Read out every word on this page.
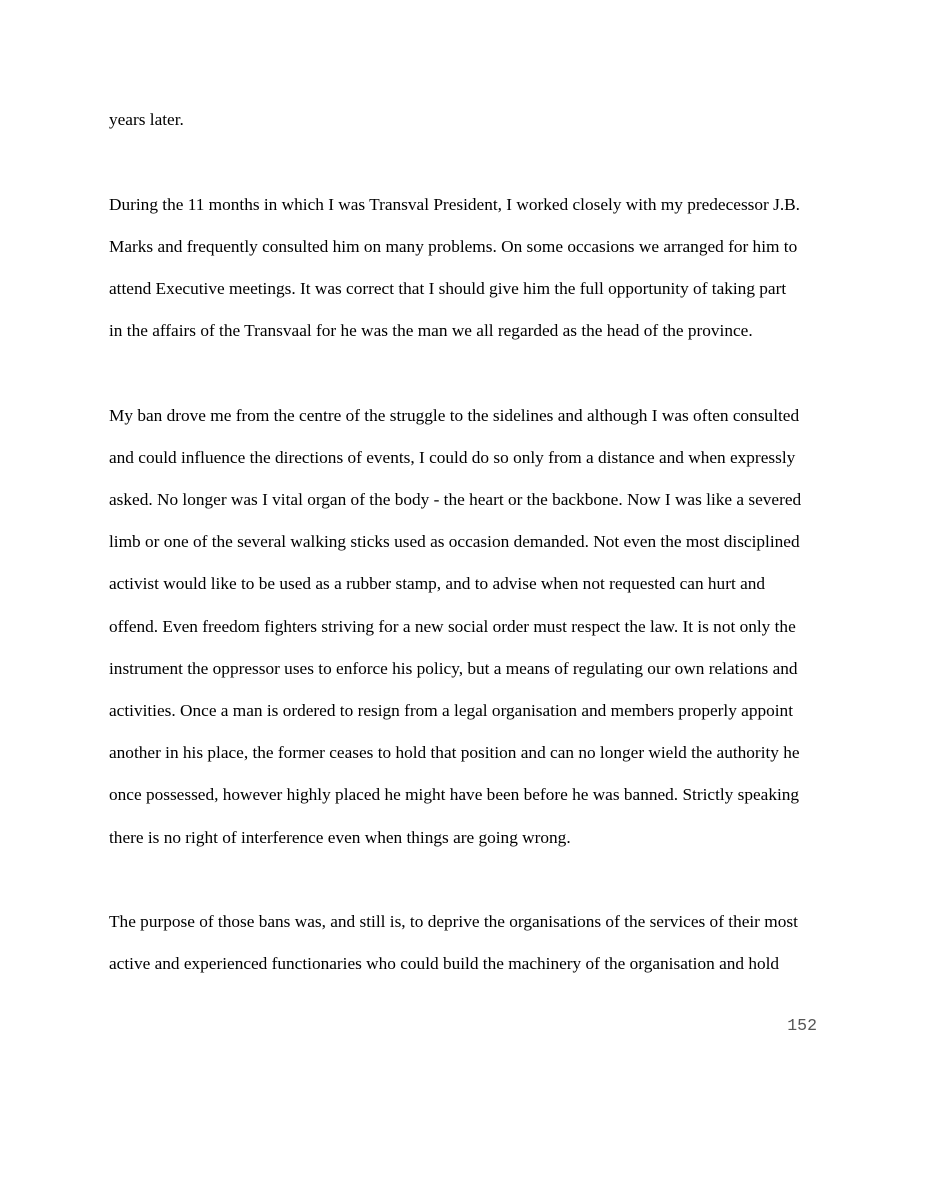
years later.
During the 11 months in which I was Transval President, I worked closely with my predecessor J.B.
Marks and frequently consulted him on many problems. On some occasions we arranged for him to
attend Executive meetings. It was correct that I should give him the full opportunity of taking part
in the affairs of the Transvaal for he was the man we all regarded as the head of the province.
My ban drove me from the centre of the struggle to the sidelines and although I was often consulted
and could influence the directions of events, I could do so only from a distance and when expressly
asked. No longer was I vital organ of the body - the heart or the backbone. Now I was like a severed
limb or one of the several walking sticks used as occasion demanded. Not even the most disciplined
activist would like to be used as a rubber stamp, and to advise when not requested can hurt and
offend. Even freedom fighters striving for a new social order must respect the law. It is not only the
instrument the oppressor uses to enforce his policy, but a means of regulating our own relations and
activities. Once a man is ordered to resign from a legal organisation and members properly appoint
another in his place, the former ceases to hold that position and can no longer wield the authority he
once possessed, however highly placed he might have been before he was banned. Strictly speaking
there is no right of interference even when things are going wrong.
The purpose of those bans was, and still is, to deprive the organisations of the services of their most
active and experienced functionaries who could build the machinery of the organisation and hold
152
